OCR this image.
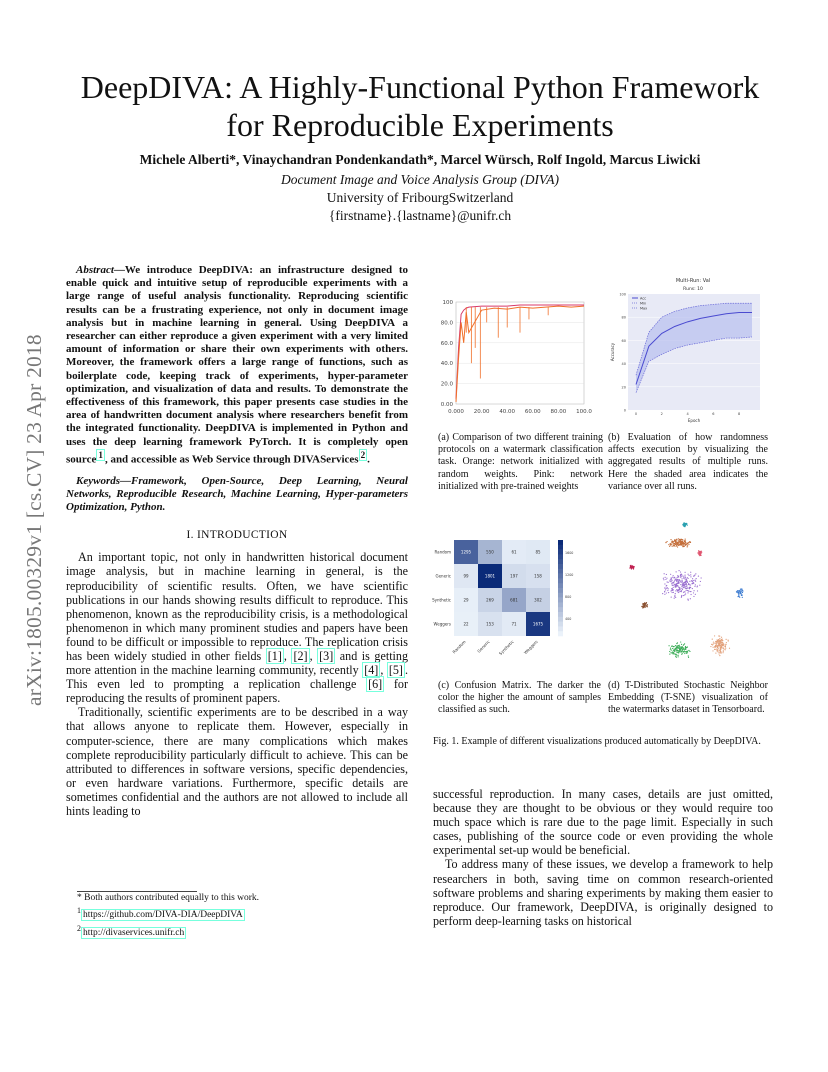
arXiv:1805.00329v1 [cs.CV] 23 Apr 2018
DeepDIVA: A Highly-Functional Python Framework
for Reproducible Experiments
Michele Alberti*, Vinaychandran Pondenkandath*, Marcel Würsch, Rolf Ingold, Marcus Liwicki
Document Image and Voice Analysis Group (DIVA)
University of FribourgSwitzerland
{firstname}.{lastname}@unifr.ch

Abstract—We introduce DeepDIVA: an infrastructure designed to enable quick and intuitive setup of reproducible experiments with a large range of useful analysis functionality. Reproducing scientific results can be a frustrating experience, not only in document image analysis but in machine learning in general. Using DeepDIVA a researcher can either reproduce a given experiment with a very limited amount of information or share their own experiments with others. Moreover, the framework offers a large range of functions, such as boilerplate code, keeping track of experiments, hyper-parameter optimization, and visualization of data and results. To demonstrate the effectiveness of this framework, this paper presents case studies in the area of handwritten document analysis where researchers benefit from the integrated functionality. DeepDIVA is implemented in Python and uses the deep learning framework PyTorch. It is completely open source $^1$ , and accessible as Web Service through DIVAServices $^2$ .

Keywords—Framework, Open-Source, Deep Learning, Neural Networks, Reproducible Research, Machine Learning, Hyper-parameters Optimization, Python.

I. INTRODUCTION

An important topic, not only in handwritten historical document image analysis, but in machine learning in general, is the reproducibility of scientific results. Often, we have scientific publications in our hands showing results difficult to reproduce. This phenomenon, known as the reproducibility crisis, is a methodological phenomenon in which many prominent studies and papers have been found to be difficult or impossible to reproduce. The replication crisis has been widely studied in other fields [1] , [2] , [3] and is getting more attention in the machine learning community, recently [4] , [5] . This even led to prompting a replication challenge [6] for reproducing the results of prominent papers.

Traditionally, scientific experiments are to be described in a way that allows anyone to replicate them. However, especially in computer-science, there are many complications which makes complete reproducibility particularly difficult to achieve. This can be attributed to differences in software versions, specific dependencies, or even hardware variations. Furthermore, specific details are sometimes confidential and the authors are not allowed to include all hints leading to

* Both authors contributed equally to this work.
$^1$ https://github.com/DIVA-DIA/DeepDIVA
$^2$ http://divaservices.unifr.ch
100
80.0
60.0
40.0
20.0
0.00
0.000 20.00 40.00 60.00 80.00 100.0
Multi-Run: Val
Runs: 10
100
80
60
40
20
0
0	2	4	6	8
Acc
Min
Max
Epoch
Accuracy
(a) Comparison of two different training protocols on a watermark classification task. Orange: network initialized with random weights. Pink: network initialized with pre-trained weights
(b) Evaluation of how randomness affects execution by visualizing the aggregated results of multiple runs. Here the shaded area indicates the variance over all runs.
1295	550	61	85
99	1801	197	158
29	269	681	302
22	153	71	1675
Random
Generic
Synthetic
Weggers
Random Generic Synthetic Weggers
1600
1200
800
400
(c) Confusion Matrix. The darker the color the higher the amount of samples classified as such.
(d) T-Distributed Stochastic Neighbor Embedding (T-SNE) visualization of the watermarks dataset in Tensorboard.
Fig. 1. Example of different visualizations produced automatically by DeepDIVA.

successful reproduction. In many cases, details are just omitted, because they are thought to be obvious or they would require too much space which is rare due to the page limit. Especially in such cases, publishing of the source code or even providing the whole experimental set-up would be beneficial.

To address many of these issues, we develop a framework to help researchers in both, saving time on common research-oriented software problems and sharing experiments by making them easier to reproduce. Our framework, DeepDIVA, is originally designed to perform deep-learning tasks on historical
